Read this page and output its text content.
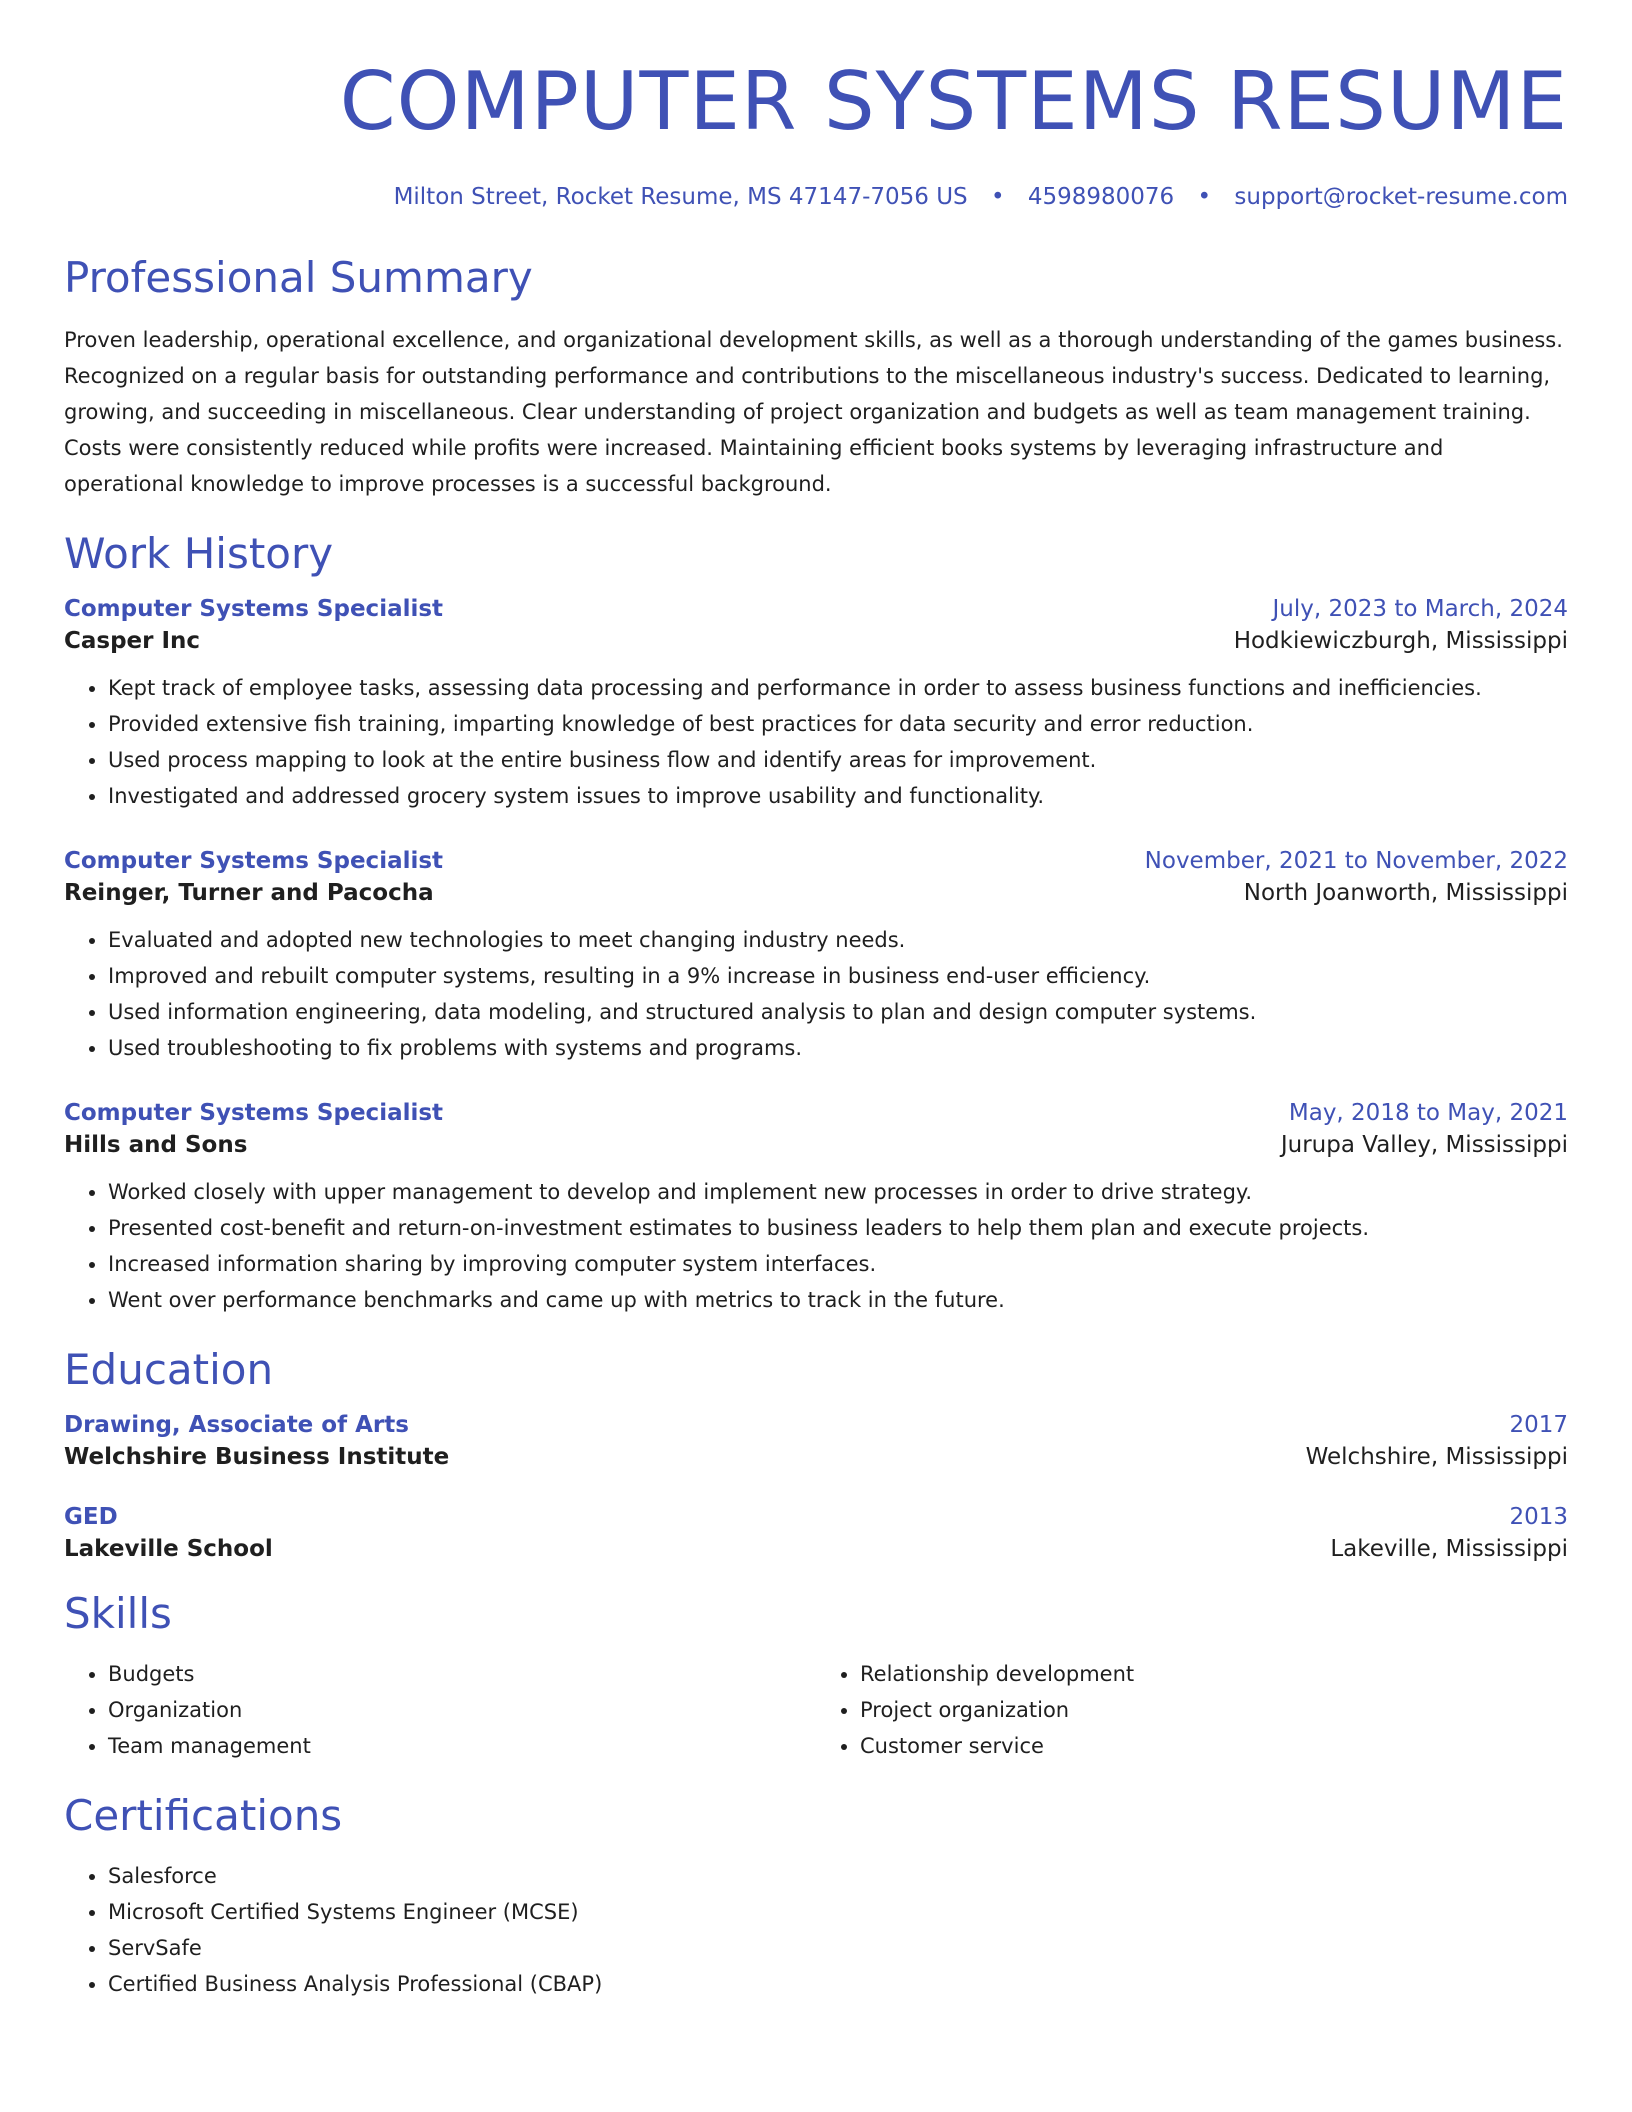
COMPUTER SYSTEMS RESUME
Milton Street, Rocket Resume, MS 47147-7056 US • 4598980076 • support@rocket-resume.com
Professional Summary

Proven leadership, operational excellence, and organizational development skills, as well as a thorough understanding of the games business. Recognized on a regular basis for outstanding performance and contributions to the miscellaneous industry's success. Dedicated to learning, growing, and succeeding in miscellaneous. Clear understanding of project organization and budgets as well as team management training. Costs were consistently reduced while profits were increased. Maintaining efficient books systems by leveraging infrastructure and operational knowledge to improve processes is a successful background.

Work History
Computer Systems Specialist	July, 2023 to March, 2024
Casper Inc	Hodkiewiczburgh, Mississippi
• Kept track of employee tasks, assessing data processing and performance in order to assess business functions and inefficiencies.
• Provided extensive fish training, imparting knowledge of best practices for data security and error reduction.
• Used process mapping to look at the entire business flow and identify areas for improvement.
• Investigated and addressed grocery system issues to improve usability and functionality.
Computer Systems Specialist	November, 2021 to November, 2022
Reinger, Turner and Pacocha	North Joanworth, Mississippi
• Evaluated and adopted new technologies to meet changing industry needs.
• Improved and rebuilt computer systems, resulting in a 9% increase in business end-user efficiency.
• Used information engineering, data modeling, and structured analysis to plan and design computer systems.
• Used troubleshooting to fix problems with systems and programs.
Computer Systems Specialist	May, 2018 to May, 2021
Hills and Sons	Jurupa Valley, Mississippi
• Worked closely with upper management to develop and implement new processes in order to drive strategy.
• Presented cost-benefit and return-on-investment estimates to business leaders to help them plan and execute projects.
• Increased information sharing by improving computer system interfaces.
• Went over performance benchmarks and came up with metrics to track in the future.
Education
Drawing, Associate of Arts	2017
Welchshire Business Institute	Welchshire, Mississippi
GED	2013
Lakeville School	Lakeville, Mississippi
Skills
• Budgets
• Organization
• Team management
• Relationship development
• Project organization
• Customer service
Certifications
• Salesforce
• Microsoft Certified Systems Engineer (MCSE)
• ServSafe
• Certified Business Analysis Professional (CBAP)
